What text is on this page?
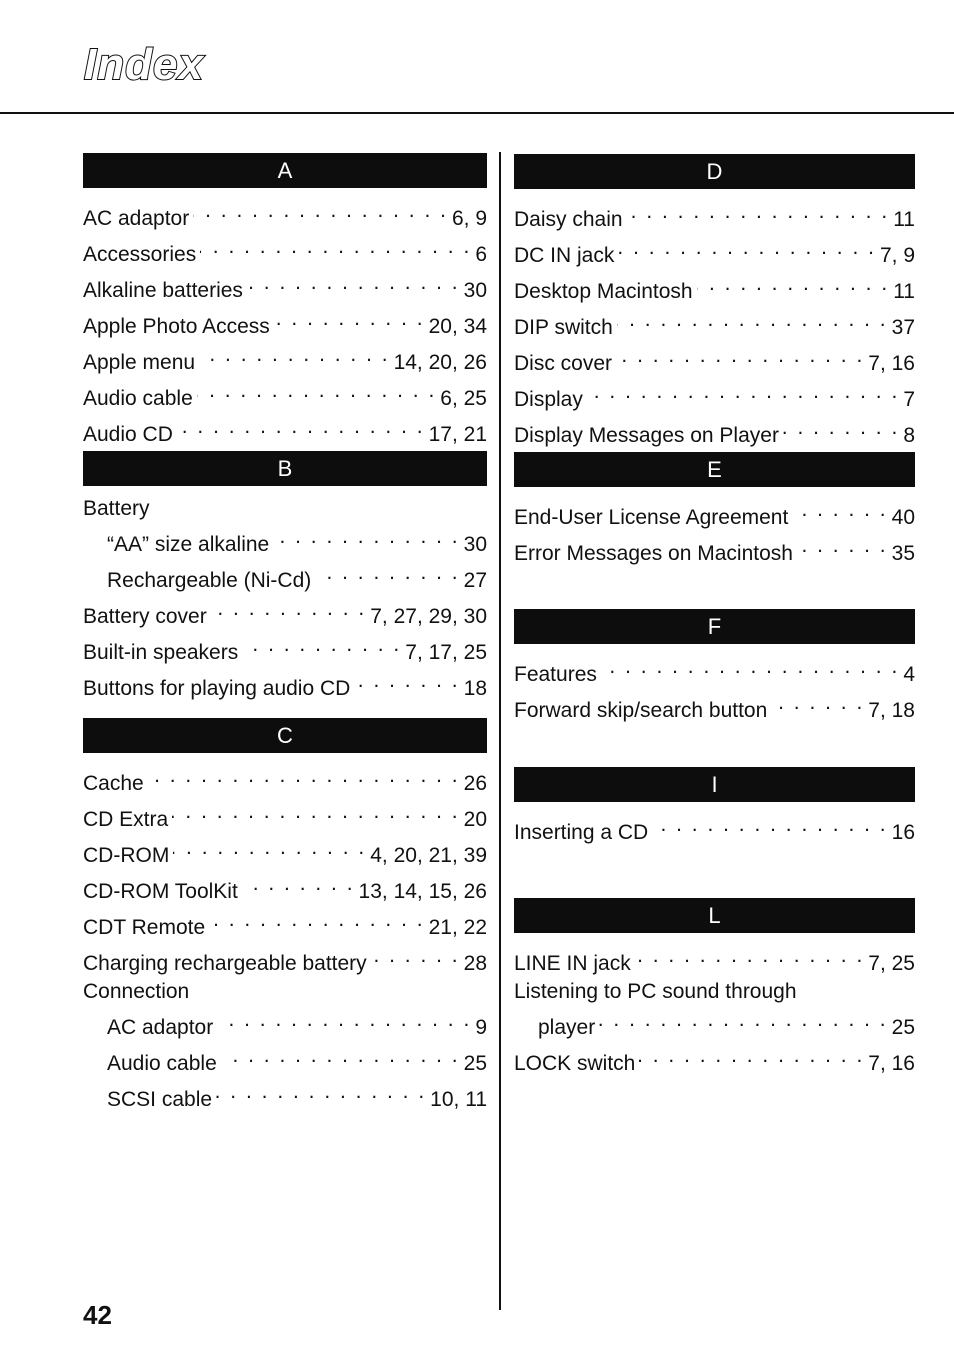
Index
A
AC adaptor . . .	6, 9
Accessories . . .	6
Alkaline batteries . . .	30
Apple Photo Access . . .	20, 34
Apple menu . . .	14, 20, 26
Audio cable . . .	6, 25
Audio CD . . .	17, 21
B
Battery
“AA” size alkaline . . .	30
Rechargeable (Ni-Cd) . . .	27
Battery cover . . .	7, 27, 29, 30
Built-in speakers . . .	7, 17, 25
Buttons for playing audio CD . . .	18
C
Cache . . .	26
CD Extra . . .	20
CD-ROM . . .	4, 20, 21, 39
CD-ROM ToolKit . . .	13, 14, 15, 26
CDT Remote . . .	21, 22
Charging rechargeable battery . . .	28
Connection
AC adaptor . . .	9
Audio cable . . .	25
SCSI cable . . .	10, 11
D
Daisy chain . . .	11
DC IN jack . . .	7, 9
Desktop Macintosh . . .	11
DIP switch . . .	37
Disc cover . . .	7, 16
Display . . .	7
Display Messages on Player . . .	8
E
End-User License Agreement . . .	40
Error Messages on Macintosh . . .	35
F
Features . . .	4
Forward skip/search button . . .	7, 18
I
Inserting a CD . . .	16
L
LINE IN jack . . .	7, 25
Listening to PC sound through
player . . .	25
LOCK switch . . .	7, 16
42
